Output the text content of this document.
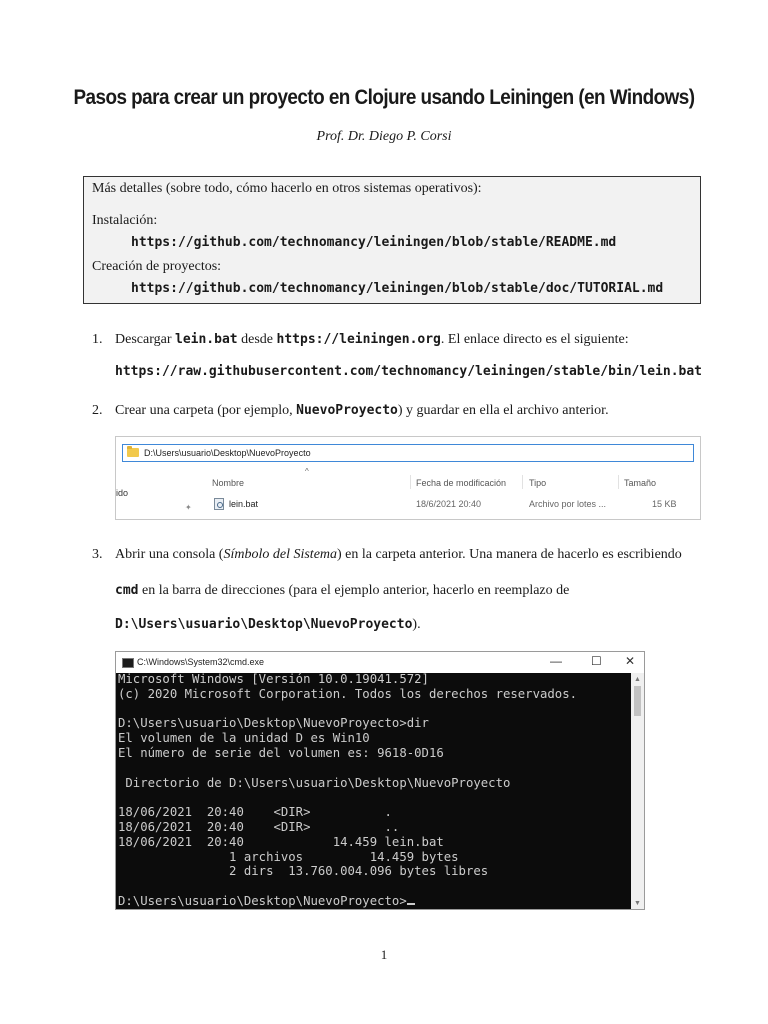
Pasos para crear un proyecto en Clojure usando Leiningen (en Windows)
Prof. Dr. Diego P. Corsi
Más detalles (sobre todo, cómo hacerlo en otros sistemas operativos):
Instalación:
https://github.com/technomancy/leiningen/blob/stable/README.md
Creación de proyectos:
https://github.com/technomancy/leiningen/blob/stable/doc/TUTORIAL.md
1. Descargar lein.bat desde https://leiningen.org. El enlace directo es el siguiente:
https://raw.githubusercontent.com/technomancy/leiningen/stable/bin/lein.bat
2. Crear una carpeta (por ejemplo, NuevoProyecto) y guardar en ella el archivo anterior.
D:\Users\usuario\Desktop\NuevoProyecto
^
Nombre	Fecha de modificación	Tipo	Tamaño
ido
✦	lein.bat	18/6/2021 20:40	Archivo por lotes ...	15 KB
3. Abrir una consola (Símbolo del Sistema) en la carpeta anterior. Una manera de hacerlo es escribiendo
cmd en la barra de direcciones (para el ejemplo anterior, hacerlo en reemplazo de
D:\Users\usuario\Desktop\NuevoProyecto).
C:\Windows\System32\cmd.exe	— ☐ ✕
Microsoft Windows [Versión 10.0.19041.572]
(c) 2020 Microsoft Corporation. Todos los derechos reservados.

D:\Users\usuario\Desktop\NuevoProyecto>dir
El volumen de la unidad D es Win10
El número de serie del volumen es: 9618-0D16

Directorio de D:\Users\usuario\Desktop\NuevoProyecto

18/06/2021  20:40    <DIR>          .
18/06/2021  20:40    <DIR>          ..
18/06/2021  20:40            14.459 lein.bat
1 archivos         14.459 bytes
2 dirs  13.760.004.096 bytes libres

D:\Users\usuario\Desktop\NuevoProyecto>
▲
▼
1
